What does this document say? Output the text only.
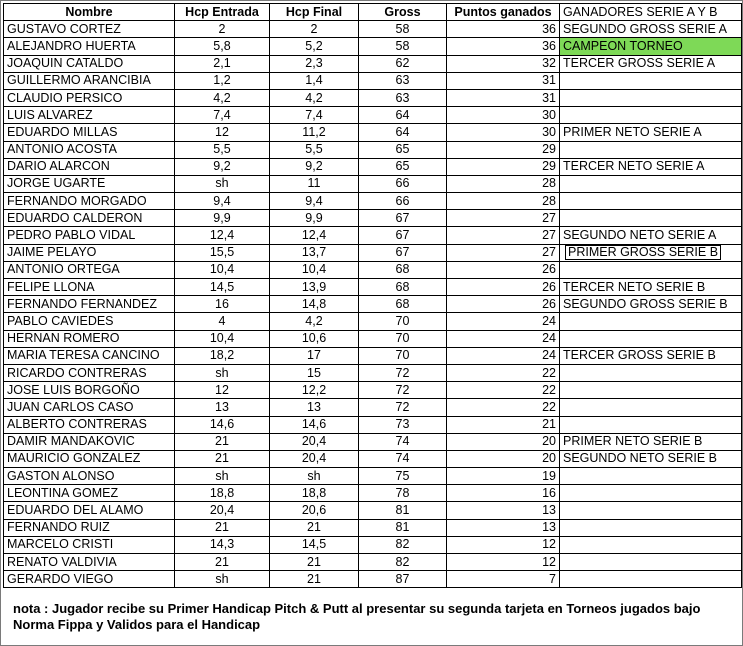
Nombre	Hcp Entrada	Hcp Final	Gross	Puntos ganados	GANADORES SERIE A Y B
GUSTAVO CORTEZ	2	2	58	36	SEGUNDO GROSS SERIE A
ALEJANDRO HUERTA	5,8	5,2	58	36	CAMPEON TORNEO
JOAQUIN CATALDO	2,1	2,3	62	32	TERCER GROSS SERIE A
GUILLERMO ARANCIBIA	1,2	1,4	63	31	
CLAUDIO PERSICO	4,2	4,2	63	31	
LUIS ALVAREZ	7,4	7,4	64	30	
EDUARDO MILLAS	12	11,2	64	30	PRIMER NETO SERIE A
ANTONIO ACOSTA	5,5	5,5	65	29	
DARIO ALARCON	9,2	9,2	65	29	TERCER NETO SERIE A
JORGE UGARTE	sh	11	66	28	
FERNANDO MORGADO	9,4	9,4	66	28	
EDUARDO CALDERON	9,9	9,9	67	27	
PEDRO PABLO VIDAL	12,4	12,4	67	27	SEGUNDO NETO SERIE A
JAIME PELAYO	15,5	13,7	67	27	PRIMER GROSS SERIE B
ANTONIO ORTEGA	10,4	10,4	68	26	
FELIPE LLONA	14,5	13,9	68	26	TERCER NETO SERIE B
FERNANDO FERNANDEZ	16	14,8	68	26	SEGUNDO GROSS SERIE B
PABLO CAVIEDES	4	4,2	70	24	
HERNAN ROMERO	10,4	10,6	70	24	
MARIA TERESA CANCINO	18,2	17	70	24	TERCER GROSS SERIE B
RICARDO CONTRERAS	sh	15	72	22	
JOSE LUIS BORGOÑO	12	12,2	72	22	
JUAN CARLOS CASO	13	13	72	22	
ALBERTO CONTRERAS	14,6	14,6	73	21	
DAMIR MANDAKOVIC	21	20,4	74	20	PRIMER NETO SERIE B
MAURICIO GONZALEZ	21	20,4	74	20	SEGUNDO NETO SERIE B
GASTON ALONSO	sh	sh	75	19	
LEONTINA GOMEZ	18,8	18,8	78	16	
EDUARDO DEL ALAMO	20,4	20,6	81	13	
FERNANDO RUIZ	21	21	81	13	
MARCELO CRISTI	14,3	14,5	82	12	
RENATO VALDIVIA	21	21	82	12	
GERARDO VIEGO	sh	21	87	7	
nota : Jugador recibe su Primer Handicap Pitch & Putt al presentar su segunda tarjeta en Torneos jugados bajo Norma Fippa y Validos para el Handicap
